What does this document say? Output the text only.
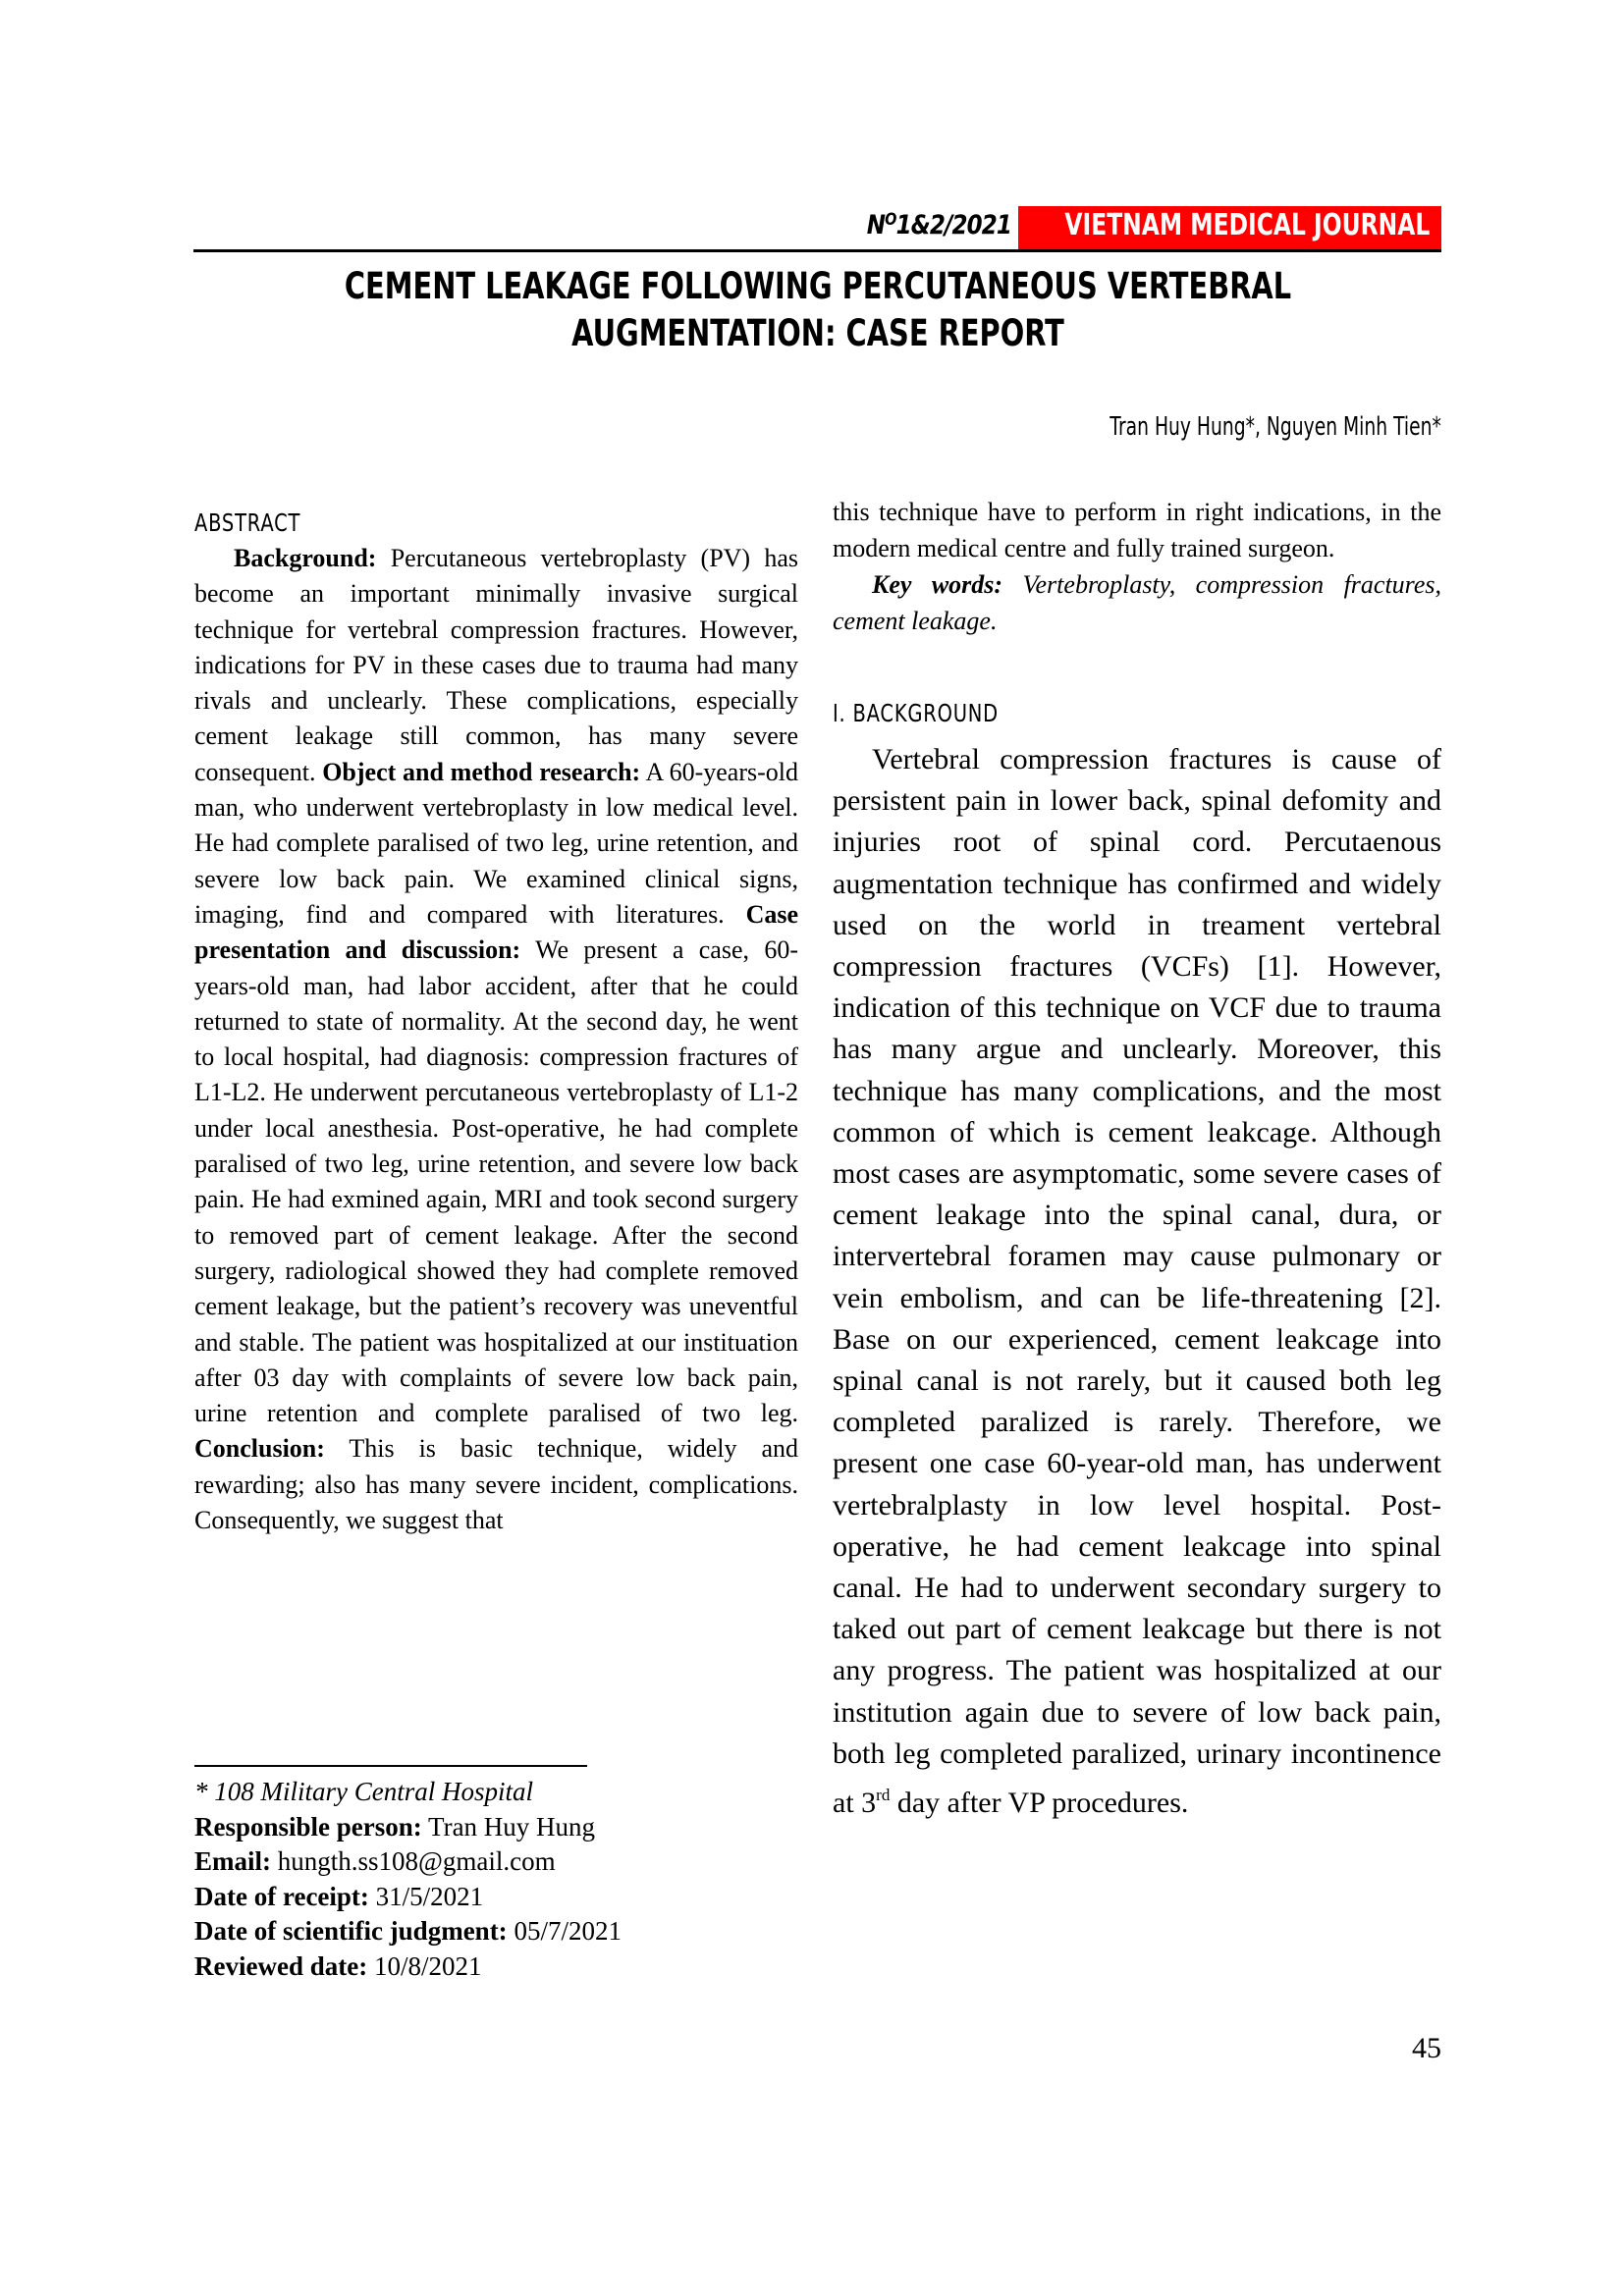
$N^O1\&2/2021$ VIETNAM MEDICAL JOURNAL
CEMENT LEAKAGE FOLLOWING PERCUTANEOUS VERTEBRAL
AUGMENTATION: CASE REPORT
Tran Huy Hung*, Nguyen Minh Tien*
ABSTRACT

Background: Percutaneous vertebroplasty (PV) has become an important minimally invasive surgical technique for vertebral compression fractures. However, indications for PV in these cases due to trauma had many rivals and unclearly. These complications, especially cement leakage still common, has many severe consequent. Object and method research: A 60-years-old man, who underwent vertebroplasty in low medical level. He had complete paralised of two leg, urine retention, and severe low back pain. We examined clinical signs, imaging, find and compared with literatures. Case presentation and discussion: We present a case, 60-years-old man, had labor accident, after that he could returned to state of normality. At the second day, he went to local hospital, had diagnosis: compression fractures of L1-L2. He underwent percutaneous vertebroplasty of L1-2 under local anesthesia. Post-operative, he had complete paralised of two leg, urine retention, and severe low back pain. He had exmined again, MRI and took second surgery to removed part of cement leakage. After the second surgery, radiological showed they had complete removed cement leakage, but the patient’s recovery was uneventful and stable. The patient was hospitalized at our instituation after 03 day with complaints of severe low back pain, urine retention and complete paralised of two leg. Conclusion: This is basic technique, widely and rewarding; also has many severe incident, complications. Consequently, we suggest that

* 108 Military Central Hospital
Responsible person: Tran Huy Hung
Email: hungth.ss108@gmail.com
Date of receipt: 31/5/2021
Date of scientific judgment: 05/7/2021
Reviewed date: 10/8/2021

this technique have to perform in right indications, in the modern medical centre and fully trained surgeon.

Key words: Vertebroplasty, compression fractures, cement leakage.

I. BACKGROUND

Vertebral compression fractures is cause of persistent pain in lower back, spinal defomity and injuries root of spinal cord. Percutaenous augmentation technique has confirmed and widely used on the world in treament vertebral compression fractures (VCFs) [1]. However, indication of this technique on VCF due to trauma has many argue and unclearly. Moreover, this technique has many complications, and the most common of which is cement leakcage. Although most cases are asymptomatic, some severe cases of cement leakage into the spinal canal, dura, or intervertebral foramen may cause pulmonary or vein embolism, and can be life-threatening [2]. Base on our experienced, cement leakcage into spinal canal is not rarely, but it caused both leg completed paralized is rarely. Therefore, we present one case 60-year-old man, has underwent vertebralplasty in low level hospital. Post-operative, he had cement leakcage into spinal canal. He had to underwent secondary surgery to taked out part of cement leakcage but there is not any progress. The patient was hospitalized at our institution again due to severe of low back pain, both leg completed paralized, urinary incontinence at 3rd day after VP procedures.

45
